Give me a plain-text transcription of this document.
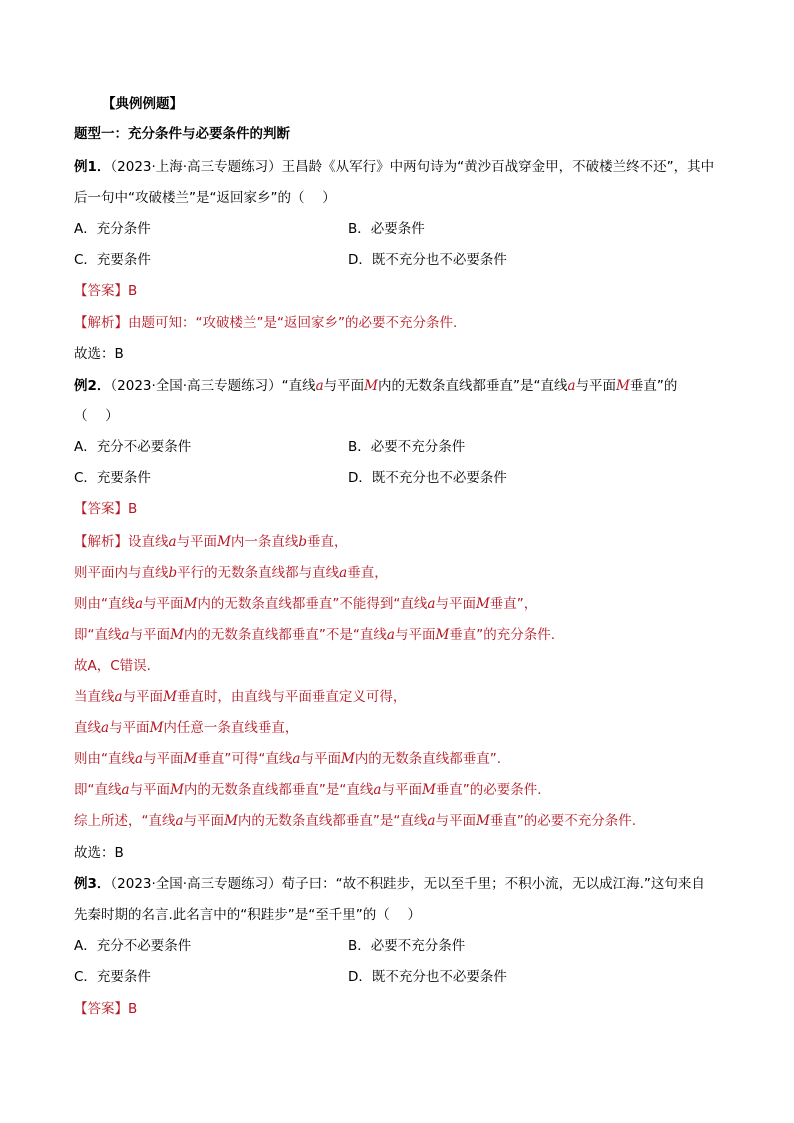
【典例例题】
题型一：充分条件与必要条件的判断
例1．（2023·上海·高三专题练习）王昌龄《从军行》中两句诗为“黄沙百战穿金甲，不破楼兰终不还”，其中
后一句中“攻破楼兰”是“返回家乡”的（　 ）
A．充分条件	B．必要条件
C．充要条件	D．既不充分也不必要条件
【答案】B
【解析】由题可知：“攻破楼兰”是“返回家乡”的必要不充分条件.
故选：B
例2．（2023·全国·高三专题练习）“直线a与平面M内的无数条直线都垂直”是“直线a与平面M垂直”的
（　 ）
A．充分不必要条件	B．必要不充分条件
C．充要条件	D．既不充分也不必要条件
【答案】B
【解析】设直线a与平面M内一条直线b垂直，
则平面内与直线b平行的无数条直线都与直线a垂直，
则由“直线a与平面M内的无数条直线都垂直”不能得到“直线a与平面M垂直”，
即“直线a与平面M内的无数条直线都垂直”不是“直线a与平面M垂直”的充分条件.
故A，C错误.
当直线a与平面M垂直时，由直线与平面垂直定义可得，
直线a与平面M内任意一条直线垂直，
则由“直线a与平面M垂直”可得“直线a与平面M内的无数条直线都垂直”.
即“直线a与平面M内的无数条直线都垂直”是“直线a与平面M垂直”的必要条件.
综上所述，“直线a与平面M内的无数条直线都垂直”是“直线a与平面M垂直”的必要不充分条件.
故选：B
例3．（2023·全国·高三专题练习）荀子曰：“故不积跬步，无以至千里；不积小流，无以成江海.”这句来自
先秦时期的名言.此名言中的“积跬步”是“至千里”的（　 ）
A．充分不必要条件	B．必要不充分条件
C．充要条件	D．既不充分也不必要条件
【答案】B
